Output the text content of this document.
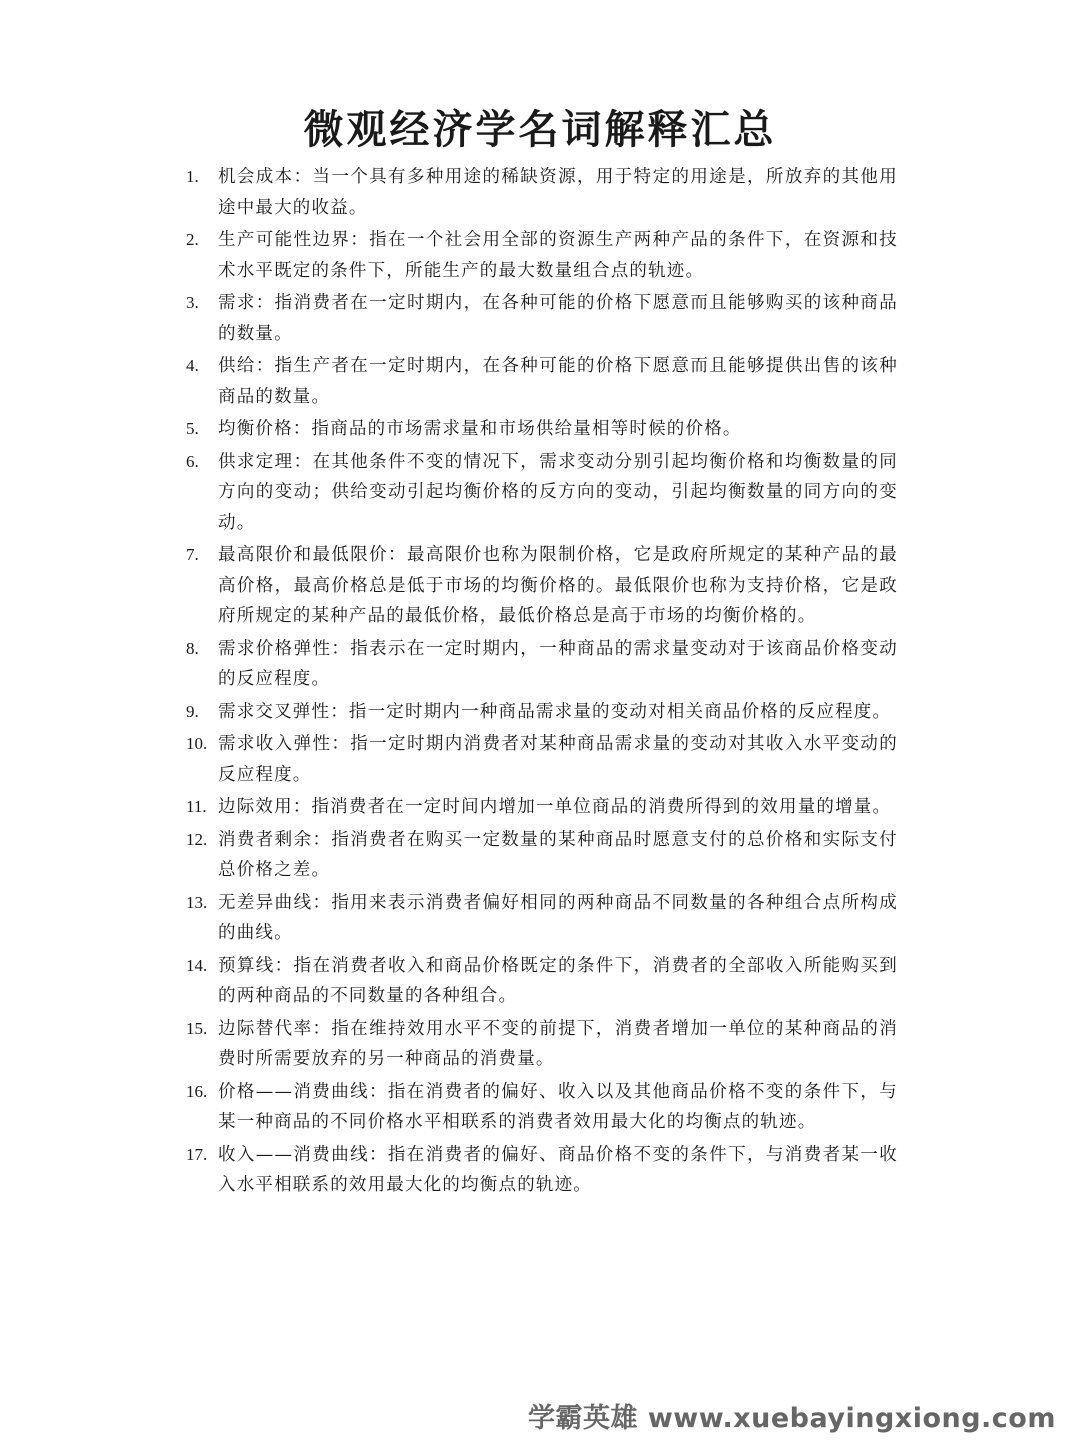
微观经济学名词解释汇总
1. 机会成本：当一个具有多种用途的稀缺资源，用于特定的用途是，所放弃的其他用途中最大的收益。
2. 生产可能性边界：指在一个社会用全部的资源生产两种产品的条件下，在资源和技术水平既定的条件下，所能生产的最大数量组合点的轨迹。
3. 需求：指消费者在一定时期内，在各种可能的价格下愿意而且能够购买的该种商品的数量。
4. 供给：指生产者在一定时期内，在各种可能的价格下愿意而且能够提供出售的该种商品的数量。
5. 均衡价格：指商品的市场需求量和市场供给量相等时候的价格。
6. 供求定理：在其他条件不变的情况下，需求变动分别引起均衡价格和均衡数量的同方向的变动；供给变动引起均衡价格的反方向的变动，引起均衡数量的同方向的变动。
7. 最高限价和最低限价：最高限价也称为限制价格，它是政府所规定的某种产品的最高价格，最高价格总是低于市场的均衡价格的。最低限价也称为支持价格，它是政府所规定的某种产品的最低价格，最低价格总是高于市场的均衡价格的。
8. 需求价格弹性：指表示在一定时期内，一种商品的需求量变动对于该商品价格变动的反应程度。
9. 需求交叉弹性：指一定时期内一种商品需求量的变动对相关商品价格的反应程度。
10. 需求收入弹性：指一定时期内消费者对某种商品需求量的变动对其收入水平变动的反应程度。
11. 边际效用：指消费者在一定时间内增加一单位商品的消费所得到的效用量的增量。
12. 消费者剩余：指消费者在购买一定数量的某种商品时愿意支付的总价格和实际支付总价格之差。
13. 无差异曲线：指用来表示消费者偏好相同的两种商品不同数量的各种组合点所构成的曲线。
14. 预算线：指在消费者收入和商品价格既定的条件下，消费者的全部收入所能购买到的两种商品的不同数量的各种组合。
15. 边际替代率：指在维持效用水平不变的前提下，消费者增加一单位的某种商品的消费时所需要放弃的另一种商品的消费量。
16. 价格——消费曲线：指在消费者的偏好、收入以及其他商品价格不变的条件下，与某一种商品的不同价格水平相联系的消费者效用最大化的均衡点的轨迹。
17. 收入——消费曲线：指在消费者的偏好、商品价格不变的条件下，与消费者某一收入水平相联系的效用最大化的均衡点的轨迹。
学霸英雄 www.xuebayingxiong.com
